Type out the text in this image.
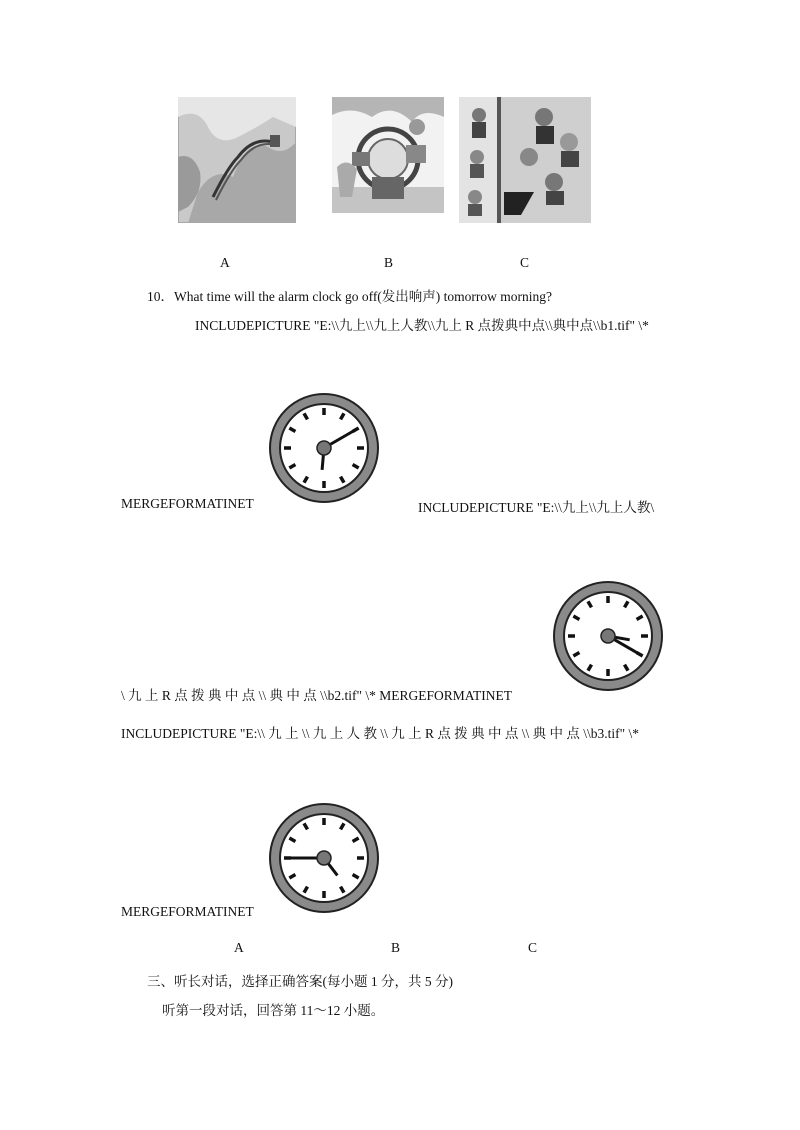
A	B	C
10．What time will the alarm clock go off(发出响声) tomorrow morning?
INCLUDEPICTURE "E:\\九上\\九上人教\\九上 R 点拨典中点\\典中点\\b1.tif" \*
MERGEFORMATINET	INCLUDEPICTURE "E:\\九上\\九上人教\
\ 九 上 R 点 拨 典 中 点 \\ 典 中 点 \\b2.tif" \* MERGEFORMATINET
INCLUDEPICTURE "E:\\ 九 上 \\ 九 上 人 教 \\ 九 上 R 点 拨 典 中 点 \\ 典 中 点 \\b3.tif" \*
MERGEFORMATINET
A	B	C
三、听长对话，选择正确答案(每小题 1 分，共 5 分)
听第一段对话，回答第 11～12 小题。
